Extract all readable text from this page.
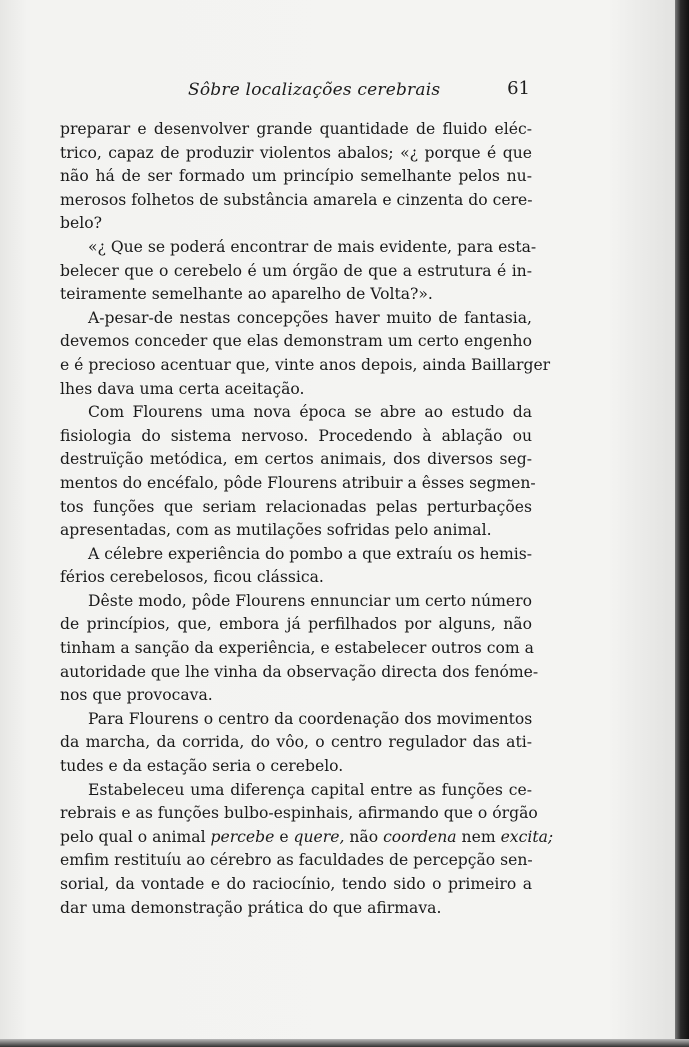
Sôbre localizações cerebrais	61
preparar e desenvolver grande quantidade de fluido eléc-
trico, capaz de produzir violentos abalos; «¿ porque é que
não há de ser formado um princípio semelhante pelos nu-
merosos folhetos de substância amarela e cinzenta do cere-
belo?
«¿ Que se poderá encontrar de mais evidente, para esta-
belecer que o cerebelo é um órgão de que a estrutura é in-
teiramente semelhante ao aparelho de Volta?».
A-pesar-de nestas concepções haver muito de fantasia,
devemos conceder que elas demonstram um certo engenho
e é precioso acentuar que, vinte anos depois, ainda Baillarger
lhes dava uma certa aceitação.
Com Flourens uma nova época se abre ao estudo da
fisiologia do sistema nervoso. Procedendo à ablação ou
destruïção metódica, em certos animais, dos diversos seg-
mentos do encéfalo, pôde Flourens atribuir a êsses segmen-
tos funções que seriam relacionadas pelas perturbações
apresentadas, com as mutilações sofridas pelo animal.
A célebre experiência do pombo a que extraíu os hemis-
férios cerebelosos, ficou clássica.
Dêste modo, pôde Flourens ennunciar um certo número
de princípios, que, embora já perfilhados por alguns, não
tinham a sanção da experiência, e estabelecer outros com a
autoridade que lhe vinha da observação directa dos fenóme-
nos que provocava.
Para Flourens o centro da coordenação dos movimentos
da marcha, da corrida, do vôo, o centro regulador das ati-
tudes e da estação seria o cerebelo.
Estabeleceu uma diferença capital entre as funções ce-
rebrais e as funções bulbo-espinhais, afirmando que o órgão
pelo qual o animal percebe e quere, não coordena nem excita;
emfim restituíu ao cérebro as faculdades de percepção sen-
sorial, da vontade e do raciocínio, tendo sido o primeiro a
dar uma demonstração prática do que afirmava.
